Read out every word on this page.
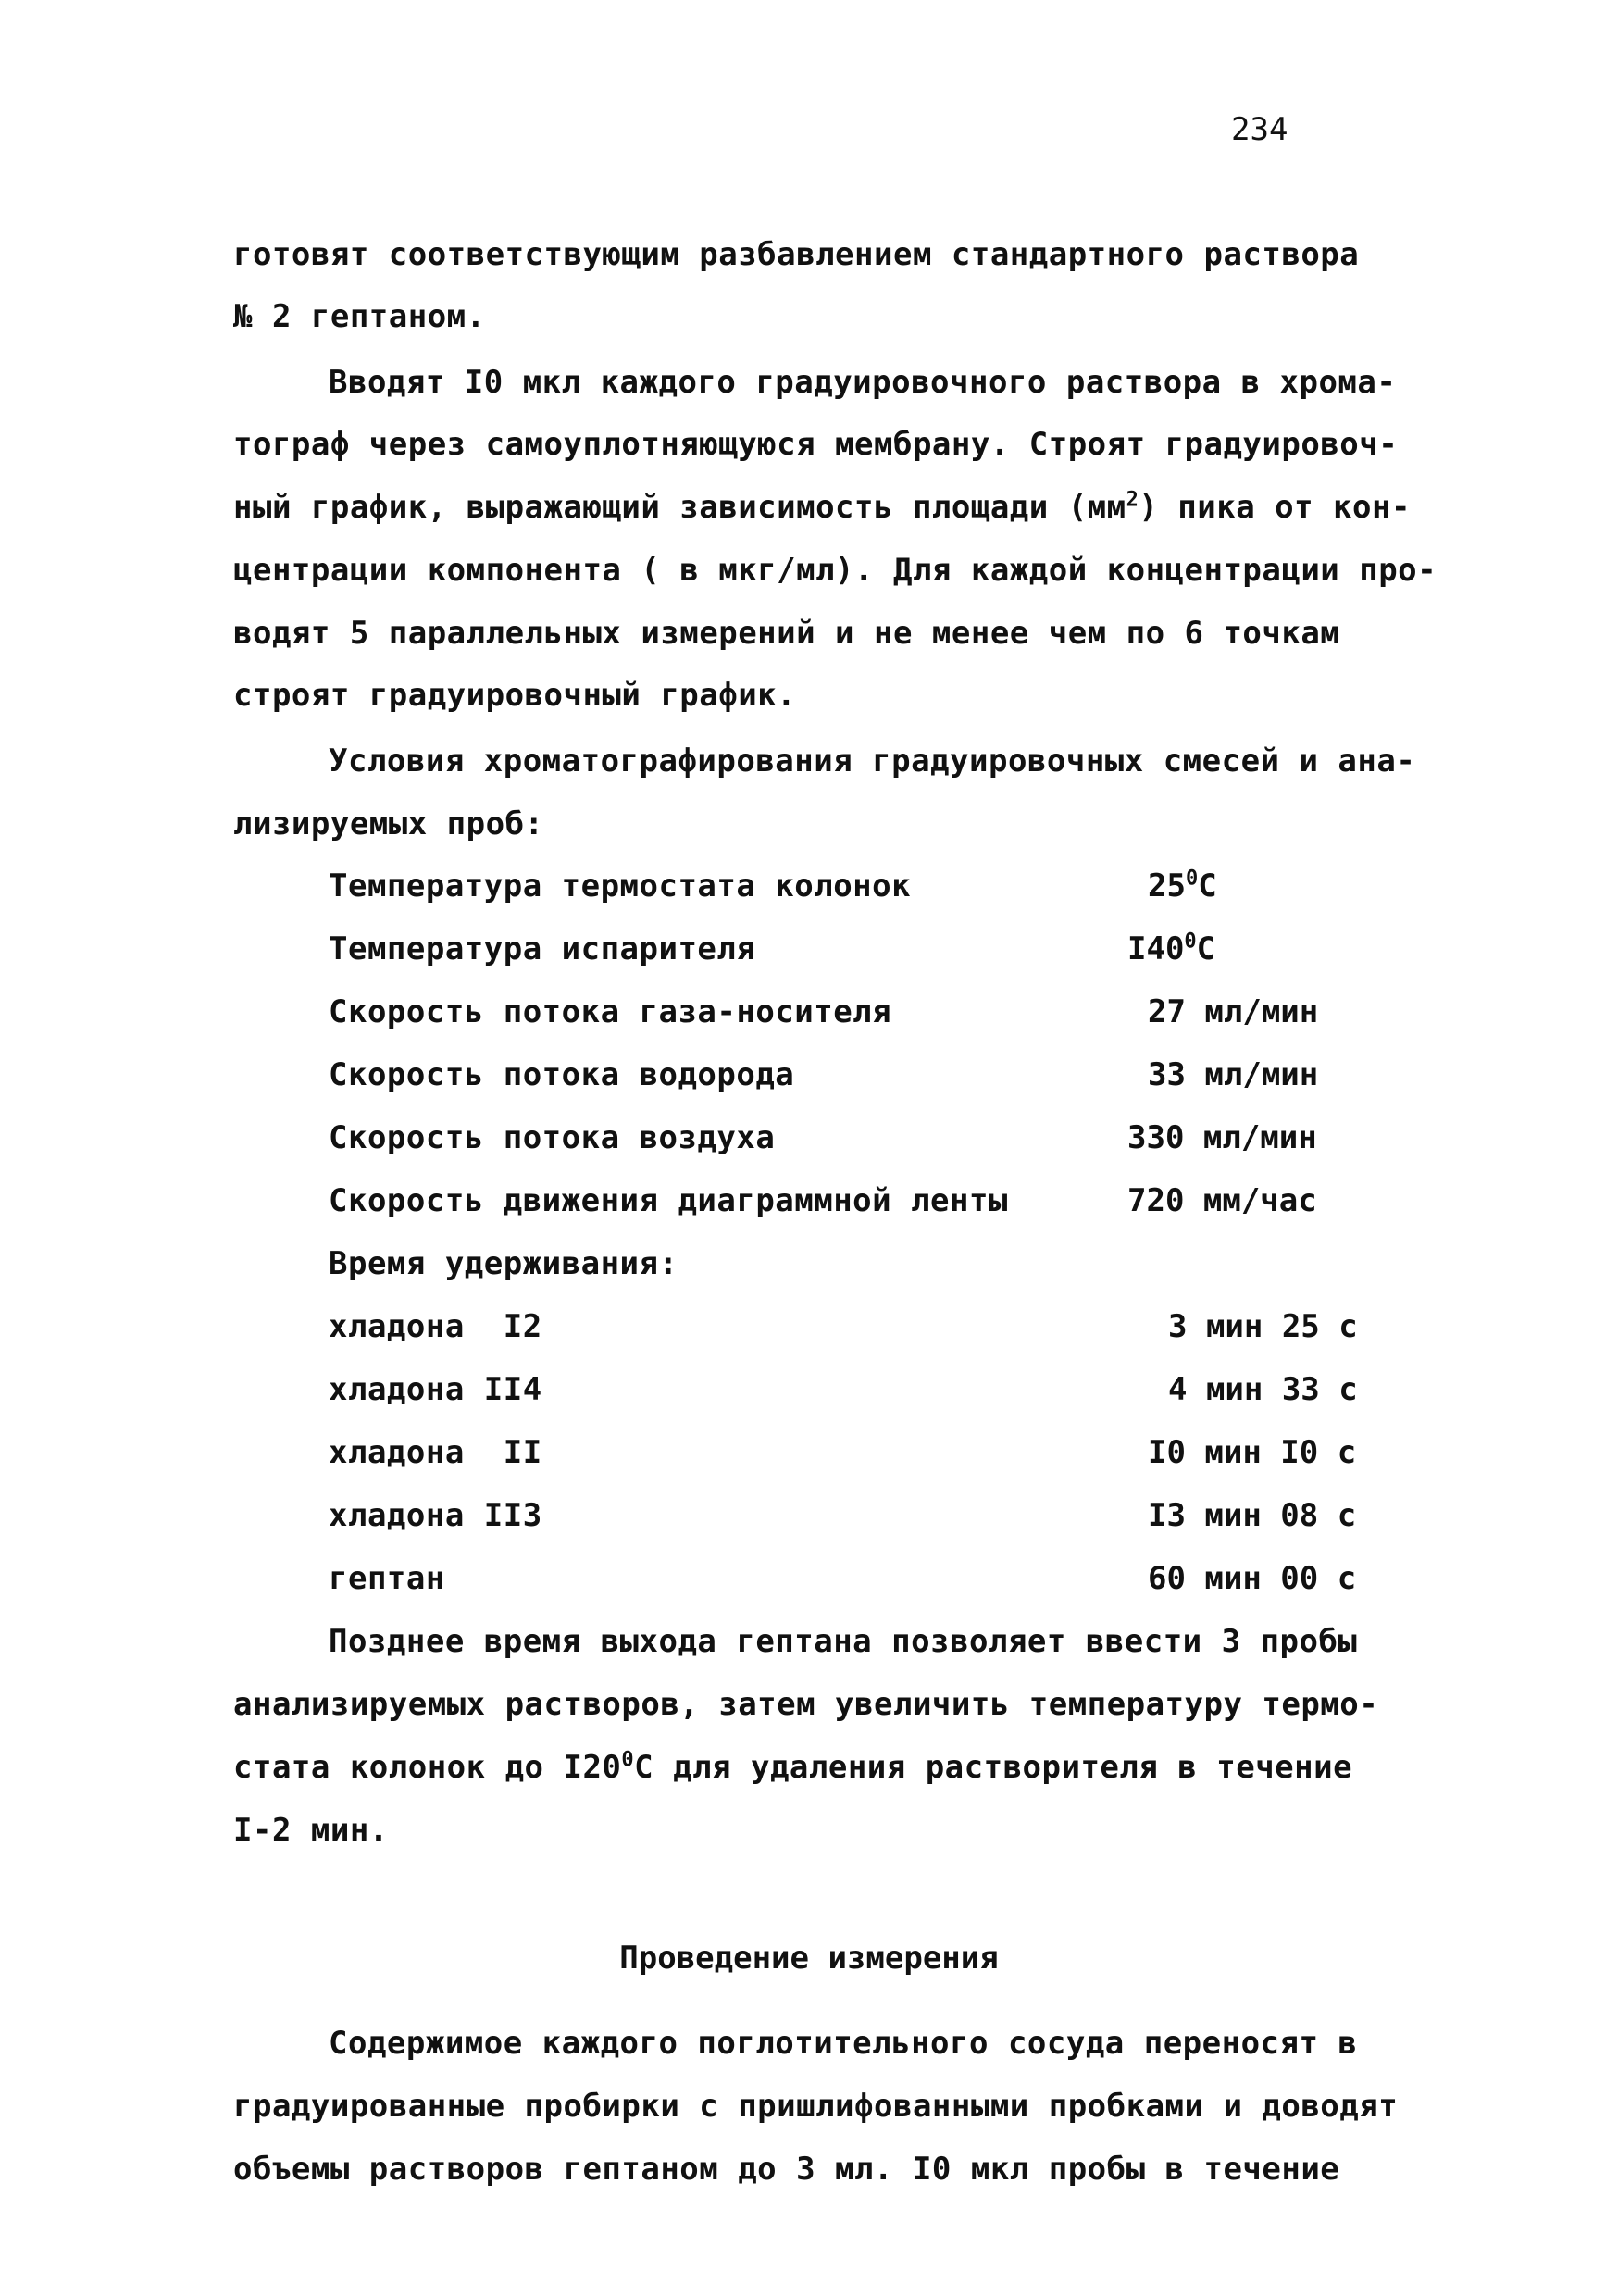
234
готовят соответствующим разбавлением стандартного раствора
№ 2 гептаном.
Вводят I0 мкл каждого градуировочного раствора в хрома-
тограф через самоуплотняющуюся мембрану. Строят градуировоч-
ный график, выражающий зависимость площади $(мм^2)$ пика от кон-
центрации компонента ( в мкг/мл). Для каждой концентрации про-
водят 5 параллельных измерений и не менее чем по 6 точкам
строят градуировочный график.
Условия хроматографирования градуировочных смесей и ана-
лизируемых проб:
Температура термостата колонок	$25^0С$
Температура испарителя	$I40^0С$
Скорость потока газа-носителя	27 мл/мин
Скорость потока водорода	33 мл/мин
Скорость потока воздуха	330 мл/мин
Скорость движения диаграммной ленты	720 мм/час
Время удерживания:
хладона  I2	3 мин 25 с
хладона II4	4 мин 33 с
хладона  II	I0 мин I0 с
хладона II3	I3 мин 08 с
гептан	60 мин 00 с
Позднее время выхода гептана позволяет ввести 3 пробы
анализируемых растворов, затем увеличить температуру термо-
стата колонок до $I20^0С$ для удаления растворителя в течение
I-2 мин.
Проведение измерения
Содержимое каждого поглотительного сосуда переносят в
градуированные пробирки с пришлифованными пробками и доводят
объемы растворов гептаном до 3 мл. I0 мкл пробы в течение
